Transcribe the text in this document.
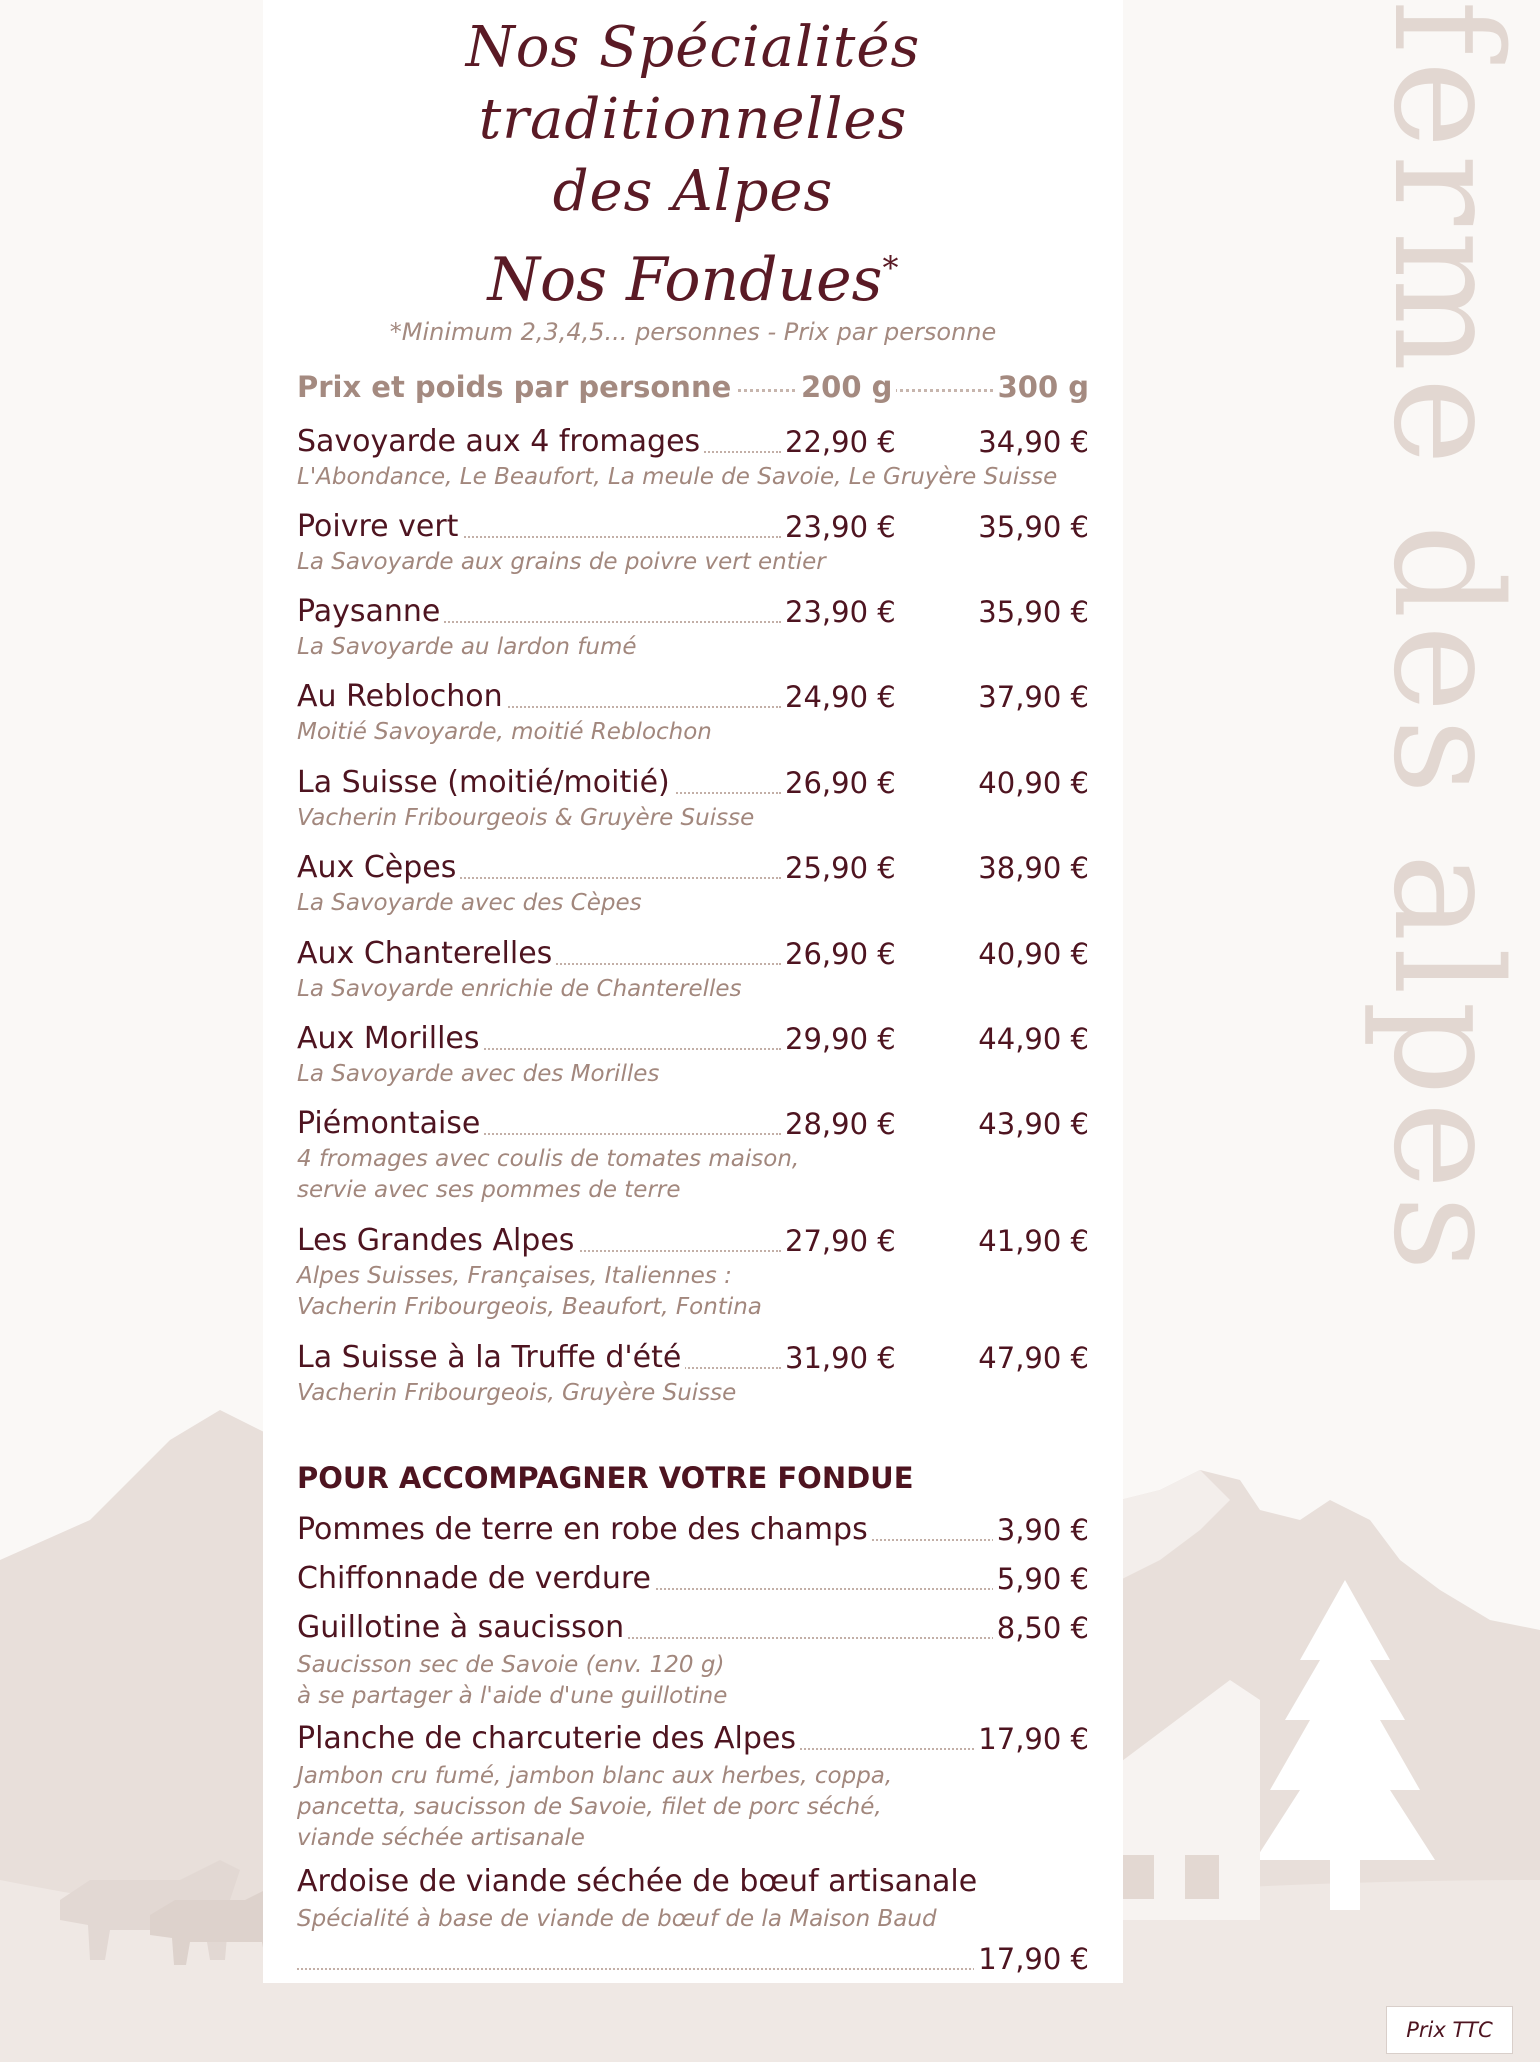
ferme des alpes
Nos Spécialités traditionnelles
des Alpes
Nos Fondues*
*Minimum 2,3,4,5... personnes - Prix par personne
Prix et poids par personne 200 g	300 g
Savoyarde aux 4 fromages	22,90 €	34,90 €
L'Abondance, Le Beaufort, La meule de Savoie, Le Gruyère Suisse
Poivre vert	23,90 €	35,90 €
La Savoyarde aux grains de poivre vert entier
Paysanne	23,90 €	35,90 €
La Savoyarde au lardon fumé
Au Reblochon	24,90 €	37,90 €
Moitié Savoyarde, moitié Reblochon
La Suisse (moitié/moitié)	26,90 €	40,90 €
Vacherin Fribourgeois & Gruyère Suisse
Aux Cèpes	25,90 €	38,90 €
La Savoyarde avec des Cèpes
Aux Chanterelles	26,90 €	40,90 €
La Savoyarde enrichie de Chanterelles
Aux Morilles	29,90 €	44,90 €
La Savoyarde avec des Morilles
Piémontaise	28,90 €	43,90 €
4 fromages avec coulis de tomates maison,
servie avec ses pommes de terre
Les Grandes Alpes	27,90 €	41,90 €
Alpes Suisses, Françaises, Italiennes :
Vacherin Fribourgeois, Beaufort, Fontina
La Suisse à la Truffe d'été	31,90 €	47,90 €
Vacherin Fribourgeois, Gruyère Suisse
POUR ACCOMPAGNER VOTRE FONDUE
Pommes de terre en robe des champs	3,90 €
Chiffonnade de verdure	5,90 €
Guillotine à saucisson	8,50 €
Saucisson sec de Savoie (env. 120 g)
à se partager à l'aide d'une guillotine
Planche de charcuterie des Alpes	17,90 €
Jambon cru fumé, jambon blanc aux herbes, coppa,
pancetta, saucisson de Savoie, filet de porc séché,
viande séchée artisanale
Ardoise de viande séchée de bœuf artisanale
Spécialité à base de viande de bœuf de la Maison Baud
17,90 €
Prix TTC
